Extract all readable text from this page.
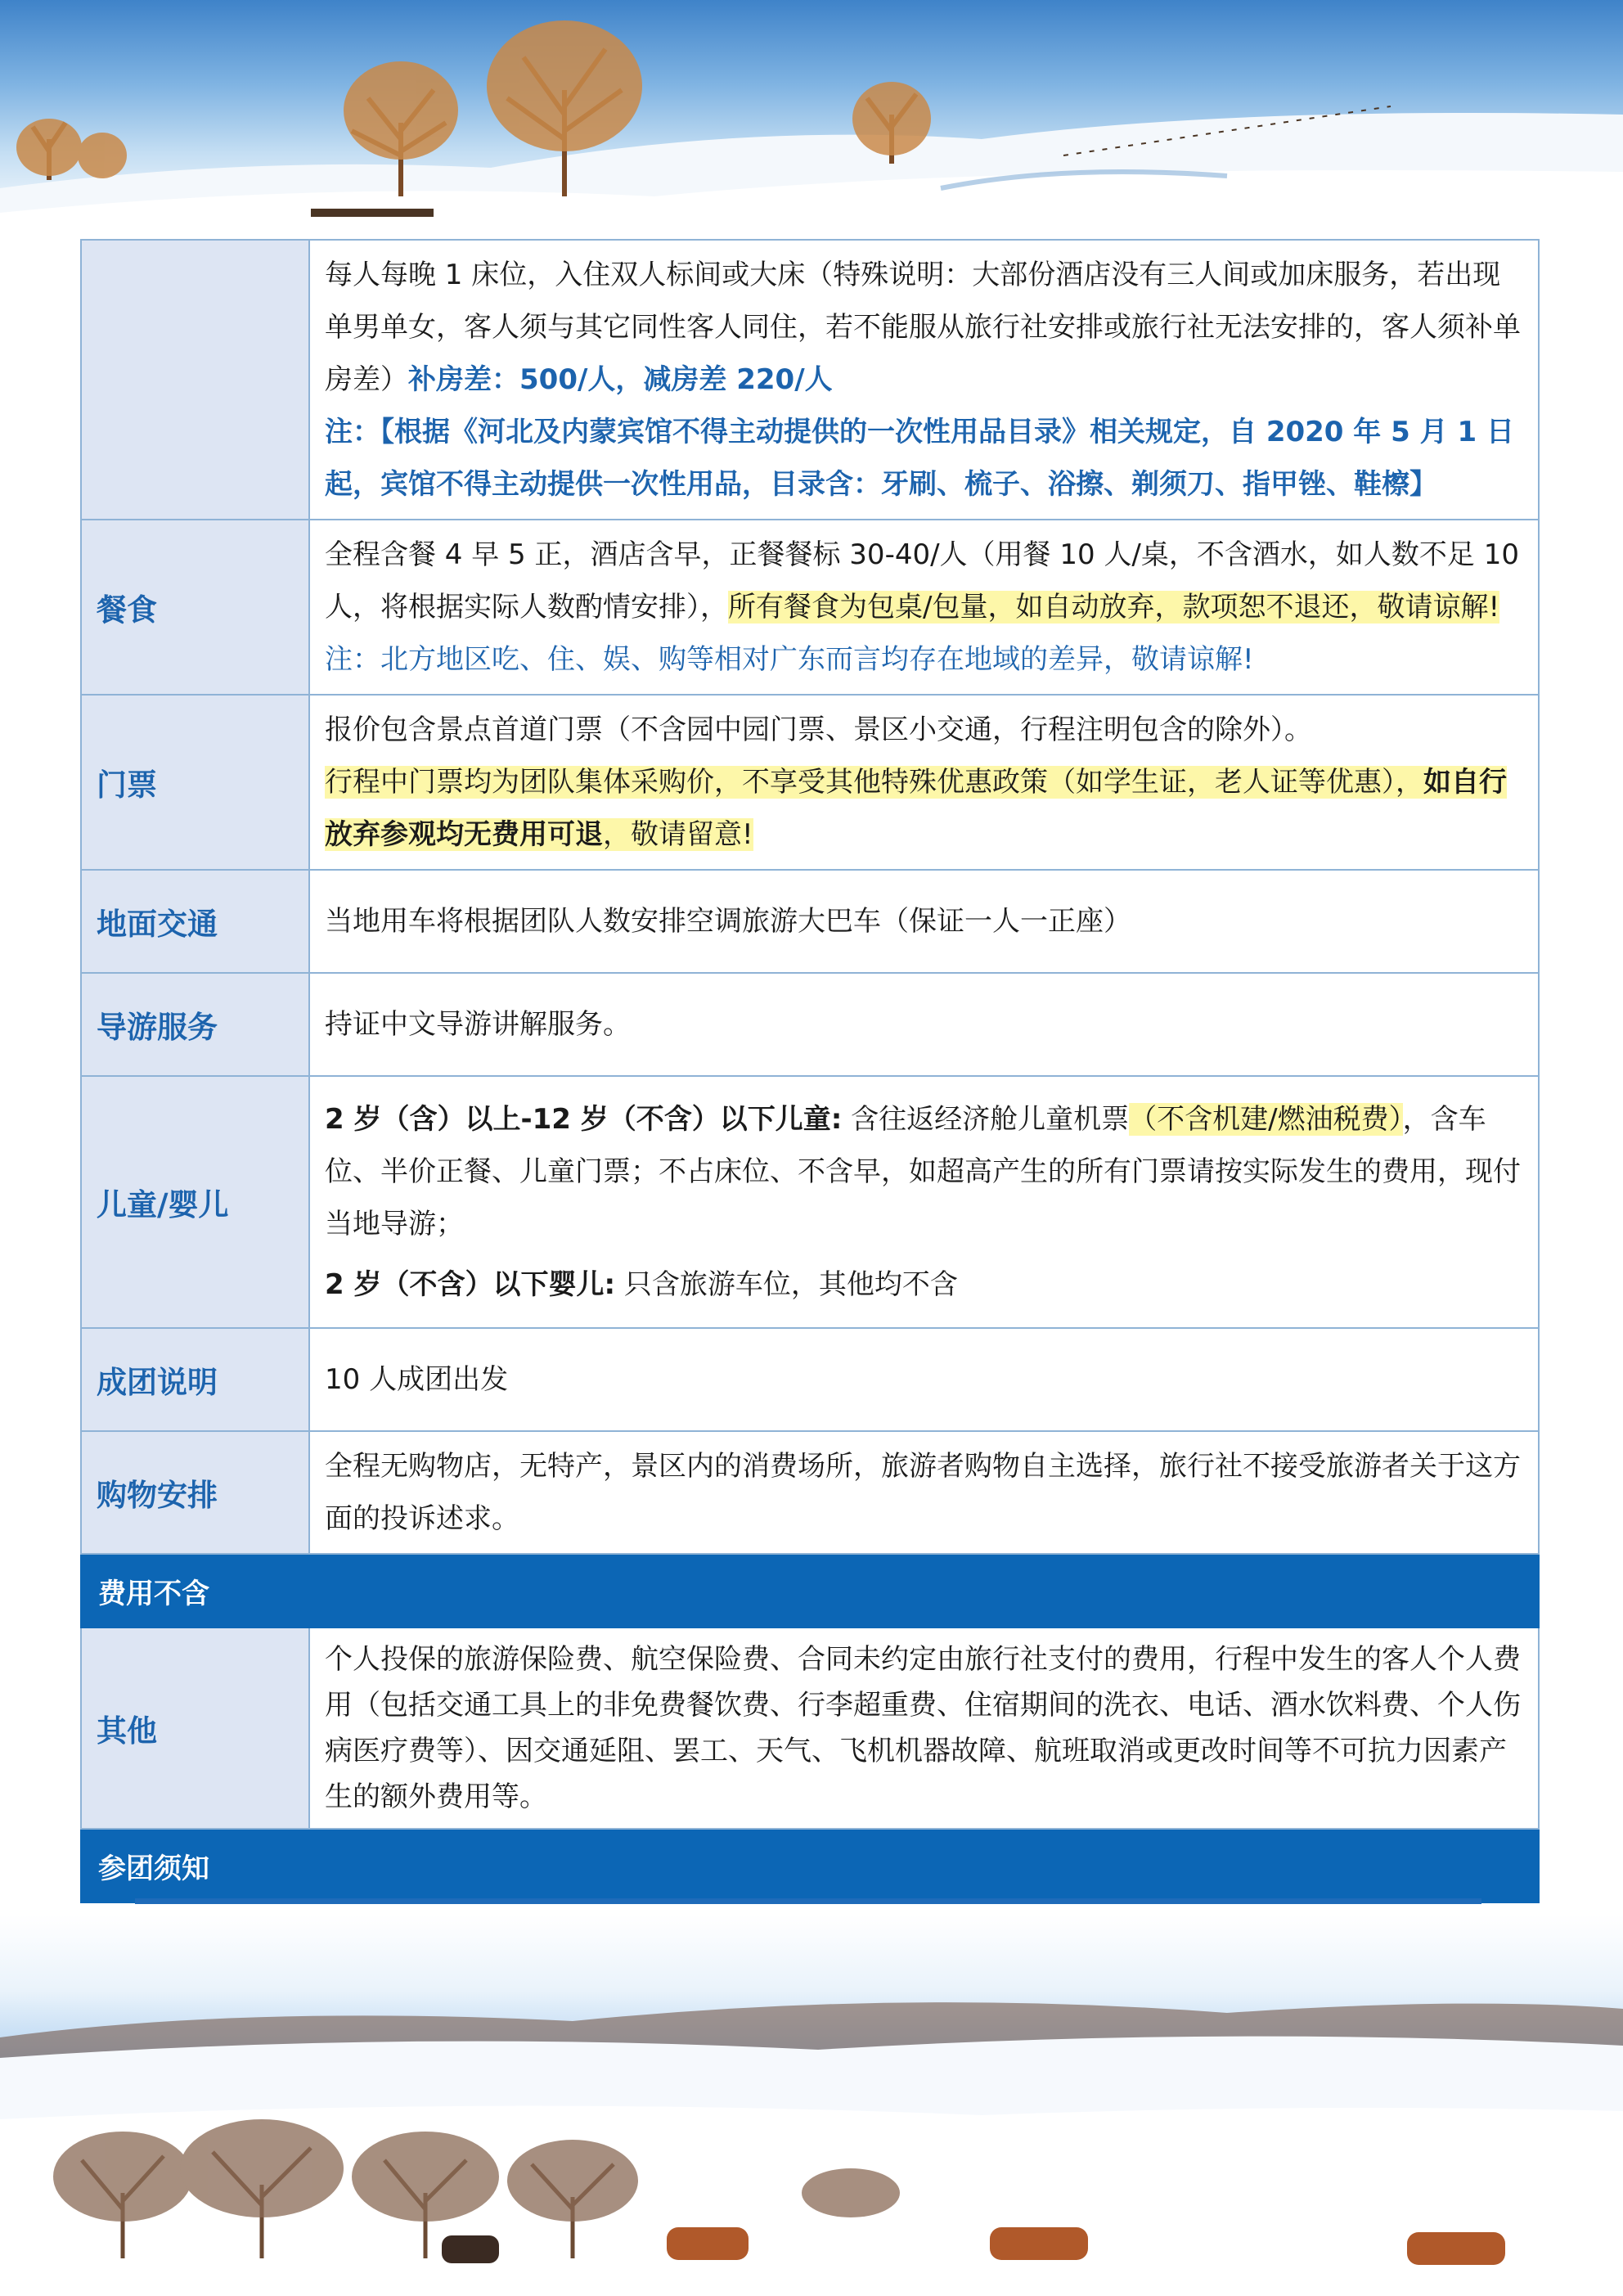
	每人每晚 1 床位，入住双人标间或大床（特殊说明：大部份酒店没有三人间或加床服务，若出现单男单女，客人须与其它同性客人同住，若不能服从旅行社安排或旅行社无法安排的，客人须补单房差）补房差：500/人，减房差 220/人

注：【根据《河北及内蒙宾馆不得主动提供的一次性用品目录》相关规定，自 2020 年 5 月 1 日起，宾馆不得主动提供一次性用品，目录含：牙刷、梳子、浴擦、剃须刀、指甲锉、鞋檫】

餐食	全程含餐 4 早 5 正，酒店含早，正餐餐标 30-40/人（用餐 10 人/桌，不含酒水，如人数不足 10 人，将根据实际人数酌情安排），所有餐食为包桌/包量，如自动放弃，款项恕不退还，敬请谅解!

注：北方地区吃、住、娱、购等相对广东而言均存在地域的差异，敬请谅解!

门票	报价包含景点首道门票（不含园中园门票、景区小交通，行程注明包含的除外）。

行程中门票均为团队集体采购价，不享受其他特殊优惠政策（如学生证，老人证等优惠），如自行放弃参观均无费用可退，敬请留意!

地面交通	当地用车将根据团队人数安排空调旅游大巴车（保证一人一正座）
导游服务	持证中文导游讲解服务。
儿童/婴儿	2 岁（含）以上-12 岁（不含）以下儿童: 含往返经济舱儿童机票（不含机建/燃油税费），含车位、半价正餐、儿童门票；不占床位、不含早，如超高产生的所有门票请按实际发生的费用，现付当地导游；

2 岁（不含）以下婴儿: 只含旅游车位，其他均不含

成团说明	10 人成团出发
购物安排	全程无购物店，无特产，景区内的消费场所，旅游者购物自主选择，旅行社不接受旅游者关于这方面的投诉述求。
费用不含	
其他	个人投保的旅游保险费、航空保险费、合同未约定由旅行社支付的费用，行程中发生的客人个人费用（包括交通工具上的非免费餐饮费、行李超重费、住宿期间的洗衣、电话、酒水饮料费、个人伤病医疗费等）、因交通延阻、罢工、天气、飞机机器故障、航班取消或更改时间等不可抗力因素产生的额外费用等。
参团须知	
